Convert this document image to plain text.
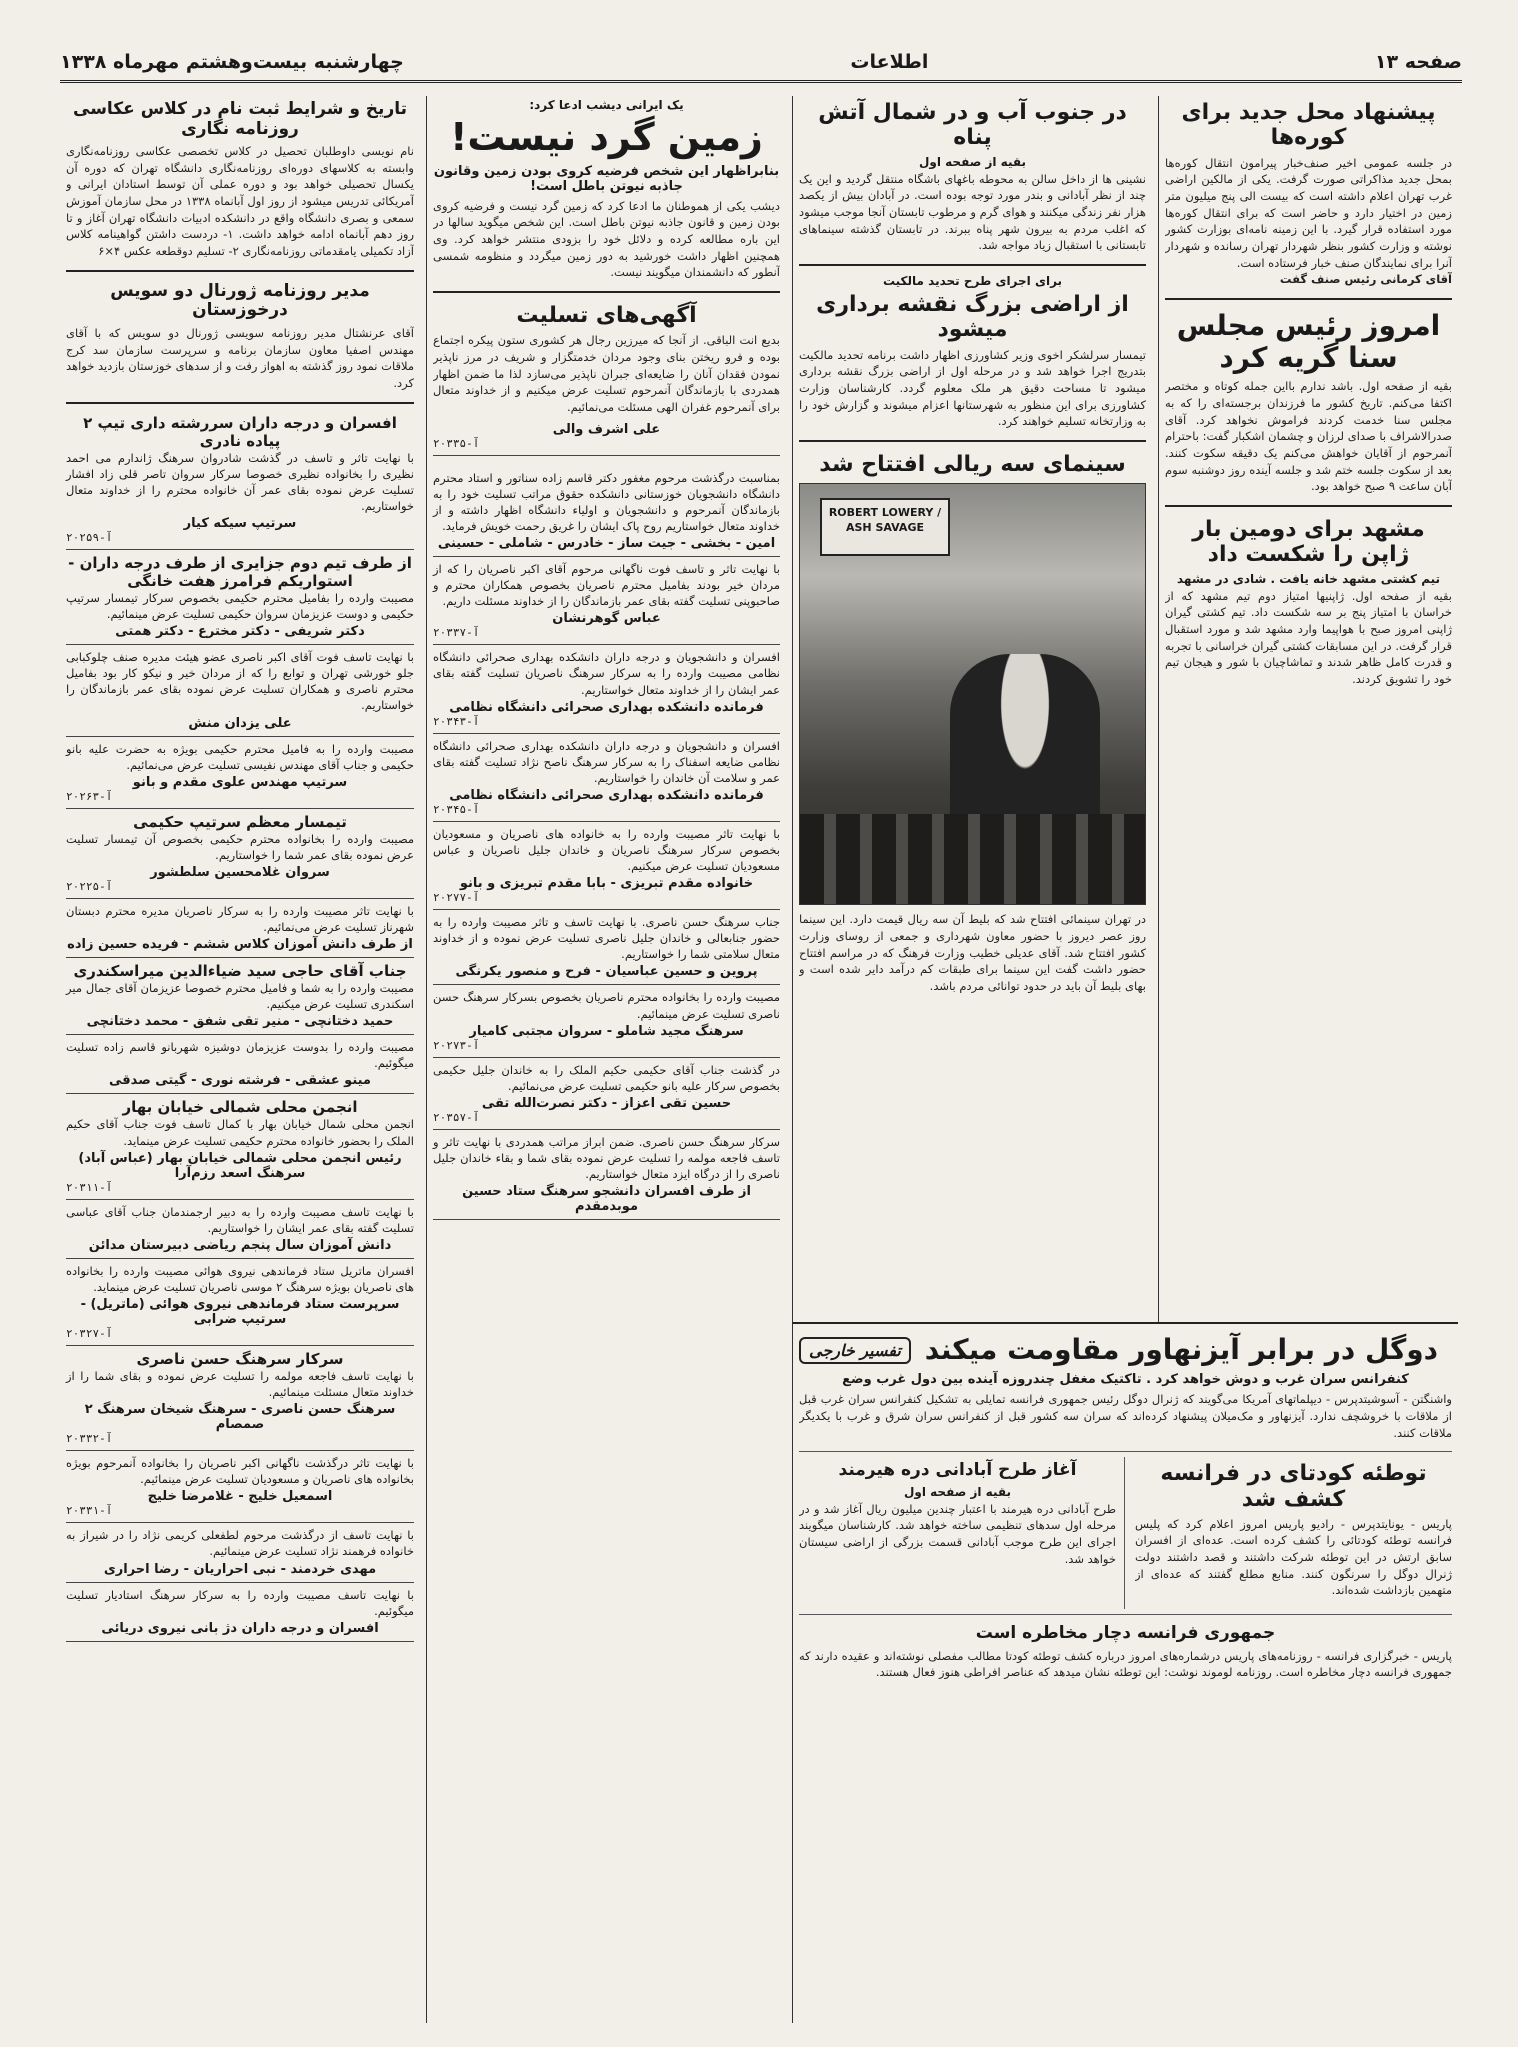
صفحه ۱۳
اطلاعات
چهارشنبه بیست‌وهشتم مهرماه ۱۳۳۸
پیشنهاد محل جدید برای کوره‌ها
در جلسه عمومی اخیر صنف‌خبار پیرامون انتقال کوره‌ها بمحل جدید مذاکراتی صورت گرفت. یکی از مالکین اراضی غرب تهران اعلام داشته است که بیست الی پنج میلیون متر زمین در اختیار دارد و حاضر است که برای انتقال کوره‌ها مورد استفاده قرار گیرد. با این زمینه نامه‌ای بوزارت کشور نوشته و وزارت کشور بنظر شهردار تهران رسانده و شهردار آنرا برای نمایندگان صنف خبار فرستاده است.
آقای کرمانی رئیس صنف گفت
امروز رئیس مجلس سنا گریه کرد
بقیه از صفحه اول. باشد ندارم بااین جمله کوتاه و مختصر اکتفا می‌کنم. تاریخ کشور ما فرزندان برجسته‌ای را که به مجلس سنا خدمت کردند فراموش نخواهد کرد. آقای صدرالاشراف با صدای لرزان و چشمان اشکبار گفت: باحترام آنمرحوم از آقایان خواهش می‌کنم یک دقیقه سکوت کنند. بعد از سکوت جلسه ختم شد و جلسه آینده روز دوشنبه سوم آبان ساعت ۹ صبح خواهد بود.
مشهد برای دومین بار ژاپن را شکست داد
تیم کشتی مشهد خانه یافت . شادی در مشهد
بقیه از صفحه اول. ژاپنیها امتیاز دوم تیم مشهد که از خراسان با امتیاز پنج بر سه شکست داد. تیم کشتی گیران ژاپنی امروز صبح با هواپیما وارد مشهد شد و مورد استقبال قرار گرفت. در این مسابقات کشتی گیران خراسانی با تجربه و قدرت کامل ظاهر شدند و تماشاچیان با شور و هیجان تیم خود را تشویق کردند.
در جنوب آب و در شمال آتش پناه
بقیه از صفحه اول
نشینی ها از داخل سالن به محوطه باغهای باشگاه منتقل گردید و این یک چند از نظر آبادانی و بندر مورد توجه بوده است. در آبادان بیش از یکصد هزار نفر زندگی میکنند و هوای گرم و مرطوب تابستان آنجا موجب میشود که اغلب مردم به بیرون شهر پناه ببرند. در تابستان گذشته سینماهای تابستانی با استقبال زیاد مواجه شد.
برای اجرای طرح تحدید مالکیت
از اراضی بزرگ نقشه برداری میشود
تیمسار سرلشکر اخوی وزیر کشاورزی اظهار داشت برنامه تحدید مالکیت بتدریج اجرا خواهد شد و در مرحله اول از اراضی بزرگ نقشه برداری میشود تا مساحت دقیق هر ملک معلوم گردد. کارشناسان وزارت کشاورزی برای این منظور به شهرستانها اعزام میشوند و گزارش خود را به وزارتخانه تسلیم خواهند کرد.
سینمای سه ریالی افتتاح شد
ROBERT LOWERY / ASH SAVAGE
در تهران سینمائی افتتاح شد که بلیط آن سه ریال قیمت دارد. این سینما روز عصر دیروز با حضور معاون شهرداری و جمعی از روسای وزارت کشور افتتاح شد. آقای عدیلی خطیب وزارت فرهنگ که در مراسم افتتاح حضور داشت گفت این سینما برای طبقات کم درآمد دایر شده است و بهای بلیط آن باید در حدود توانائی مردم باشد.
دوگل در برابر آیزنهاور مقاومت میکند
تفسیر خارجی
کنفرانس سران غرب و دوش خواهد کرد . تاکتیک مغفل چندروزه آینده بین دول غرب وضع
واشنگتن - آسوشیتدپرس - دیپلماتهای آمریکا می‌گویند که ژنرال دوگل رئیس جمهوری فرانسه تمایلی به تشکیل کنفرانس سران غرب قبل از ملاقات با خروشچف ندارد. آیزنهاور و مک‌میلان پیشنهاد کرده‌اند که سران سه کشور قبل از کنفرانس سران شرق و غرب با یکدیگر ملاقات کنند.
توطئه کودتای در فرانسه کشف شد
پاریس - یونایتدپرس - رادیو پاریس امروز اعلام کرد که پلیس فرانسه توطئه کودتائی را کشف کرده است. عده‌ای از افسران سابق ارتش در این توطئه شرکت داشتند و قصد داشتند دولت ژنرال دوگل را سرنگون کنند. منابع مطلع گفتند که عده‌ای از متهمین بازداشت شده‌اند.
آغاز طرح آبادانی دره هیرمند
بقیه از صفحه اول
طرح آبادانی دره هیرمند با اعتبار چندین میلیون ریال آغاز شد و در مرحله اول سدهای تنظیمی ساخته خواهد شد. کارشناسان میگویند اجرای این طرح موجب آبادانی قسمت بزرگی از اراضی سیستان خواهد شد.
جمهوری فرانسه دچار مخاطره است
پاریس - خبرگزاری فرانسه - روزنامه‌های پاریس درشماره‌های امروز درباره کشف توطئه کودتا مطالب مفصلی نوشته‌اند و عقیده دارند که جمهوری فرانسه دچار مخاطره است. روزنامه لوموند نوشت: این توطئه نشان میدهد که عناصر افراطی هنوز فعال هستند.
یک ایرانی دیشب ادعا کرد:
زمین گرد نیست!
بنابراظهار این شخص فرضیه کروی بودن زمین وقانون جاذبه نیوتن باطل است!
دیشب یکی از هموطنان ما ادعا کرد که زمین گرد نیست و فرضیه کروی بودن زمین و قانون جاذبه نیوتن باطل است. این شخص میگوید سالها در این باره مطالعه کرده و دلائل خود را بزودی منتشر خواهد کرد. وی همچنین اظهار داشت خورشید به دور زمین میگردد و منظومه شمسی آنطور که دانشمندان میگویند نیست.
آگهی‌های تسلیت
بدیع انت الباقی. از آنجا که میرزین رجال هر کشوری ستون پیکره اجتماع بوده و فرو ریختن بنای وجود مردان خدمتگزار و شریف در مرز ناپذیر نمودن فقدان آنان را ضایعه‌ای جبران ناپذیر می‌سازد لذا ما ضمن اظهار همدردی با بازماندگان آنمرحوم تسلیت عرض میکنیم و از خداوند متعال برای آنمرحوم غفران الهی مسئلت می‌نمائیم.
علی اشرف والی
آ-۲۰۳۳۵
بمناسبت درگذشت مرحوم مغفور دکتر قاسم زاده سناتور و استاد محترم دانشگاه دانشجویان خوزستانی دانشکده حقوق مراتب تسلیت خود را به بازماندگان آنمرحوم و دانشجویان و اولیاء دانشگاه اظهار داشته و از خداوند متعال خواستاریم روح پاک ایشان را غریق رحمت خویش فرماید.
امین - بخشی - جیت ساز - خادرس - شاملی - حسینی
با نهایت تاثر و تاسف فوت ناگهانی مرحوم آقای اکبر ناصریان را که از مردان خیر بودند بفامیل محترم ناصریان بخصوص همکاران محترم و صاحبوپنی تسلیت گفته بقای عمر بازماندگان را از خداوند مسئلت داریم.
عباس گوهرنشان
آ-۲۰۳۳۷
افسران و دانشجویان و درجه داران دانشکده بهداری صحرائی دانشگاه نظامی مصیبت وارده را به سرکار سرهنگ ناصریان تسلیت گفته بقای عمر ایشان را از خداوند متعال خواستاریم.
فرمانده دانشکده بهداری صحرائی دانشگاه نظامی
آ-۲۰۳۴۳
افسران و دانشجویان و درجه داران دانشکده بهداری صحرائی دانشگاه نظامی ضایعه اسفناک را به سرکار سرهنگ ناصح نژاد تسلیت گفته بقای عمر و سلامت آن خاندان را خواستاریم.
فرمانده دانشکده بهداری صحرائی دانشگاه نظامی
آ-۲۰۳۴۵
با نهایت تاثر مصیبت وارده را به خانواده های ناصریان و مسعودیان بخصوص سرکار سرهنگ ناصریان و خاندان جلیل ناصریان و عباس مسعودیان تسلیت عرض میکنیم.
خانواده مقدم تبریزی - بابا مقدم تبریزی و بانو
آ-۲۰۲۷۷
جناب سرهنگ حسن ناصری. با نهایت تاسف و تاثر مصیبت وارده را به حضور جنابعالی و خاندان جلیل ناصری تسلیت عرض نموده و از خداوند متعال سلامتی شما را خواستاریم.
پروین و حسین عباسیان - فرح و منصور یکرنگی
مصیبت وارده را بخانواده محترم ناصریان بخصوص بسرکار سرهنگ حسن ناصری تسلیت عرض مینمائیم.
سرهنگ مجید شاملو - سروان مجتبی کامیار
آ-۲۰۲۷۳
در گذشت جناب آقای حکیمی حکیم الملک را به خاندان جلیل حکیمی بخصوص سرکار علیه بانو حکیمی تسلیت عرض می‌نمائیم.
حسین تقی اعزاز - دکتر نصرت‌الله تقی
آ-۲۰۳۵۷
سرکار سرهنگ حسن ناصری. ضمن ابراز مراتب همدردی با نهایت تاثر و تاسف فاجعه مولمه را تسلیت عرض نموده بقای شما و بقاء خاندان جلیل ناصری را از درگاه ایزد متعال خواستاریم.
از طرف افسران دانشجو سرهنگ ستاد حسین موبدمقدم
تاریخ و شرایط ثبت نام در کلاس عکاسی روزنامه نگاری
نام نویسی داوطلبان تحصیل در کلاس تخصصی عکاسی روزنامه‌نگاری وابسته به کلاسهای دوره‌ای روزنامه‌نگاری دانشگاه تهران که دوره آن یکسال تحصیلی خواهد بود و دوره عملی آن توسط استادان ایرانی و آمریکائی تدریس میشود از روز اول آبانماه ۱۳۳۸ در محل سازمان آموزش سمعی و بصری دانشگاه واقع در دانشکده ادبیات دانشگاه تهران آغاز و تا روز دهم آبانماه ادامه خواهد داشت. ۱- دردست داشتن گواهینامه کلاس آزاد تکمیلی یامقدماتی روزنامه‌نگاری ۲- تسلیم دوقطعه عکس ۴×۶
مدیر روزنامه ژورنال دو سویس درخوزستان
آقای عرنشتال مدیر روزنامه سویسی ژورنال دو سویس که با آقای مهندس اصفیا معاون سازمان برنامه و سرپرست سازمان سد کرج ملاقات نمود روز گذشته به اهواز رفت و از سدهای خوزستان بازدید خواهد کرد.
افسران و درجه داران سررشته داری تیپ ۲ پیاده نادری
با نهایت تاثر و تاسف در گذشت شادروان سرهنگ ژاندارم می احمد نظیری را بخانواده نظیری خصوصا سرکار سروان تاصر قلی زاد افشار تسلیت عرض نموده بقای عمر آن خانواده محترم را از خداوند متعال خواستاریم.
سرتیپ سیکه کیار
آ-۲۰۲۵۹
از طرف تیم دوم جزایری از طرف درجه داران - استواریکم فرامرز هفت خانگی
مصیبت وارده را بفامیل محترم حکیمی بخصوص سرکار تیمسار سرتیپ حکیمی و دوست عزیزمان سروان حکیمی تسلیت عرض مینمائیم.
دکتر شریفی - دکتر مخترع - دکتر همتی
با نهایت تاسف فوت آقای اکبر ناصری عضو هیئت مدیره صنف چلوکبابی جلو خورشی تهران و توابع را که از مردان خیر و نیکو کار بود بفامیل محترم ناصری و همکاران تسلیت عرض نموده بقای عمر بازماندگان را خواستاریم.
علی یزدان منش
مصیبت وارده را به فامیل محترم حکیمی بویژه به حضرت علیه بانو حکیمی و جناب آقای مهندس نفیسی تسلیت عرض می‌نمائیم.
سرتیپ مهندس علوی مقدم و بانو
آ-۲۰۲۶۳
تیمسار معظم سرتیپ حکیمی
مصیبت وارده را بخانواده محترم حکیمی بخصوص آن تیمسار تسلیت عرض نموده بقای عمر شما را خواستاریم.
سروان غلامحسین سلطشور
آ-۲۰۲۲۵
با نهایت تاثر مصیبت وارده را به سرکار ناصریان مدیره محترم دبستان شهرناز تسلیت عرض می‌نمائیم.
از طرف دانش آموزان کلاس ششم - فریده حسین زاده
جناب آقای حاجی سید ضیاءالدین میراسکندری
مصیبت وارده را به شما و فامیل محترم خصوصا عزیزمان آقای جمال میر اسکندری تسلیت عرض میکنیم.
حمید دختانچی - منیر تقی شفق - محمد دختانچی
مصیبت وارده را بدوست عزیزمان دوشیزه شهربانو قاسم زاده تسلیت میگوئیم.
مینو عشقی - فرشته نوری - گیتی صدقی
انجمن محلی شمالی خیابان بهار
انجمن محلی شمال خیابان بهار با کمال تاسف فوت جناب آقای حکیم الملک را بحضور خانواده محترم حکیمی تسلیت عرض مینماید.
رئیس انجمن محلی شمالی خیابان بهار (عباس آباد) سرهنگ اسعد رزم‌آرا
آ-۲۰۳۱۱
با نهایت تاسف مصیبت وارده را به دبیر ارجمندمان جناب آقای عباسی تسلیت گفته بقای عمر ایشان را خواستاریم.
دانش آموزان سال پنجم ریاضی دبیرستان مدائن
افسران ماتریل ستاد فرماندهی نیروی هوائی مصیبت وارده را بخانواده های ناصریان بویژه سرهنگ ۲ موسی ناصریان تسلیت عرض مینماید.
سرپرست ستاد فرماندهی نیروی هوائی (ماتریل) - سرتیپ ضرابی
آ-۲۰۳۲۷
سرکار سرهنگ حسن ناصری
با نهایت تاسف فاجعه مولمه را تسلیت عرض نموده و بقای شما را از خداوند متعال مسئلت مینمائیم.
سرهنگ حسن ناصری - سرهنگ شیخان سرهنگ ۲ صمصام
آ-۲۰۳۳۲
با نهایت تاثر درگذشت ناگهانی اکبر ناصریان را بخانواده آنمرحوم بویژه بخانواده های ناصریان و مسعودیان تسلیت عرض مینمائیم.
اسمعیل خلیج - غلامرضا خلیج
آ-۲۰۳۳۱
با نهایت تاسف از درگذشت مرحوم لطفعلی کریمی نژاد را در شیراز به خانواده فرهمند نژاد تسلیت عرض مینمائیم.
مهدی خردمند - نبی احراریان - رضا احراری
با نهایت تاسف مصیبت وارده را به سرکار سرهنگ استادیار تسلیت میگوئیم.
افسران و درجه داران دژ بانی نیروی دریائی
